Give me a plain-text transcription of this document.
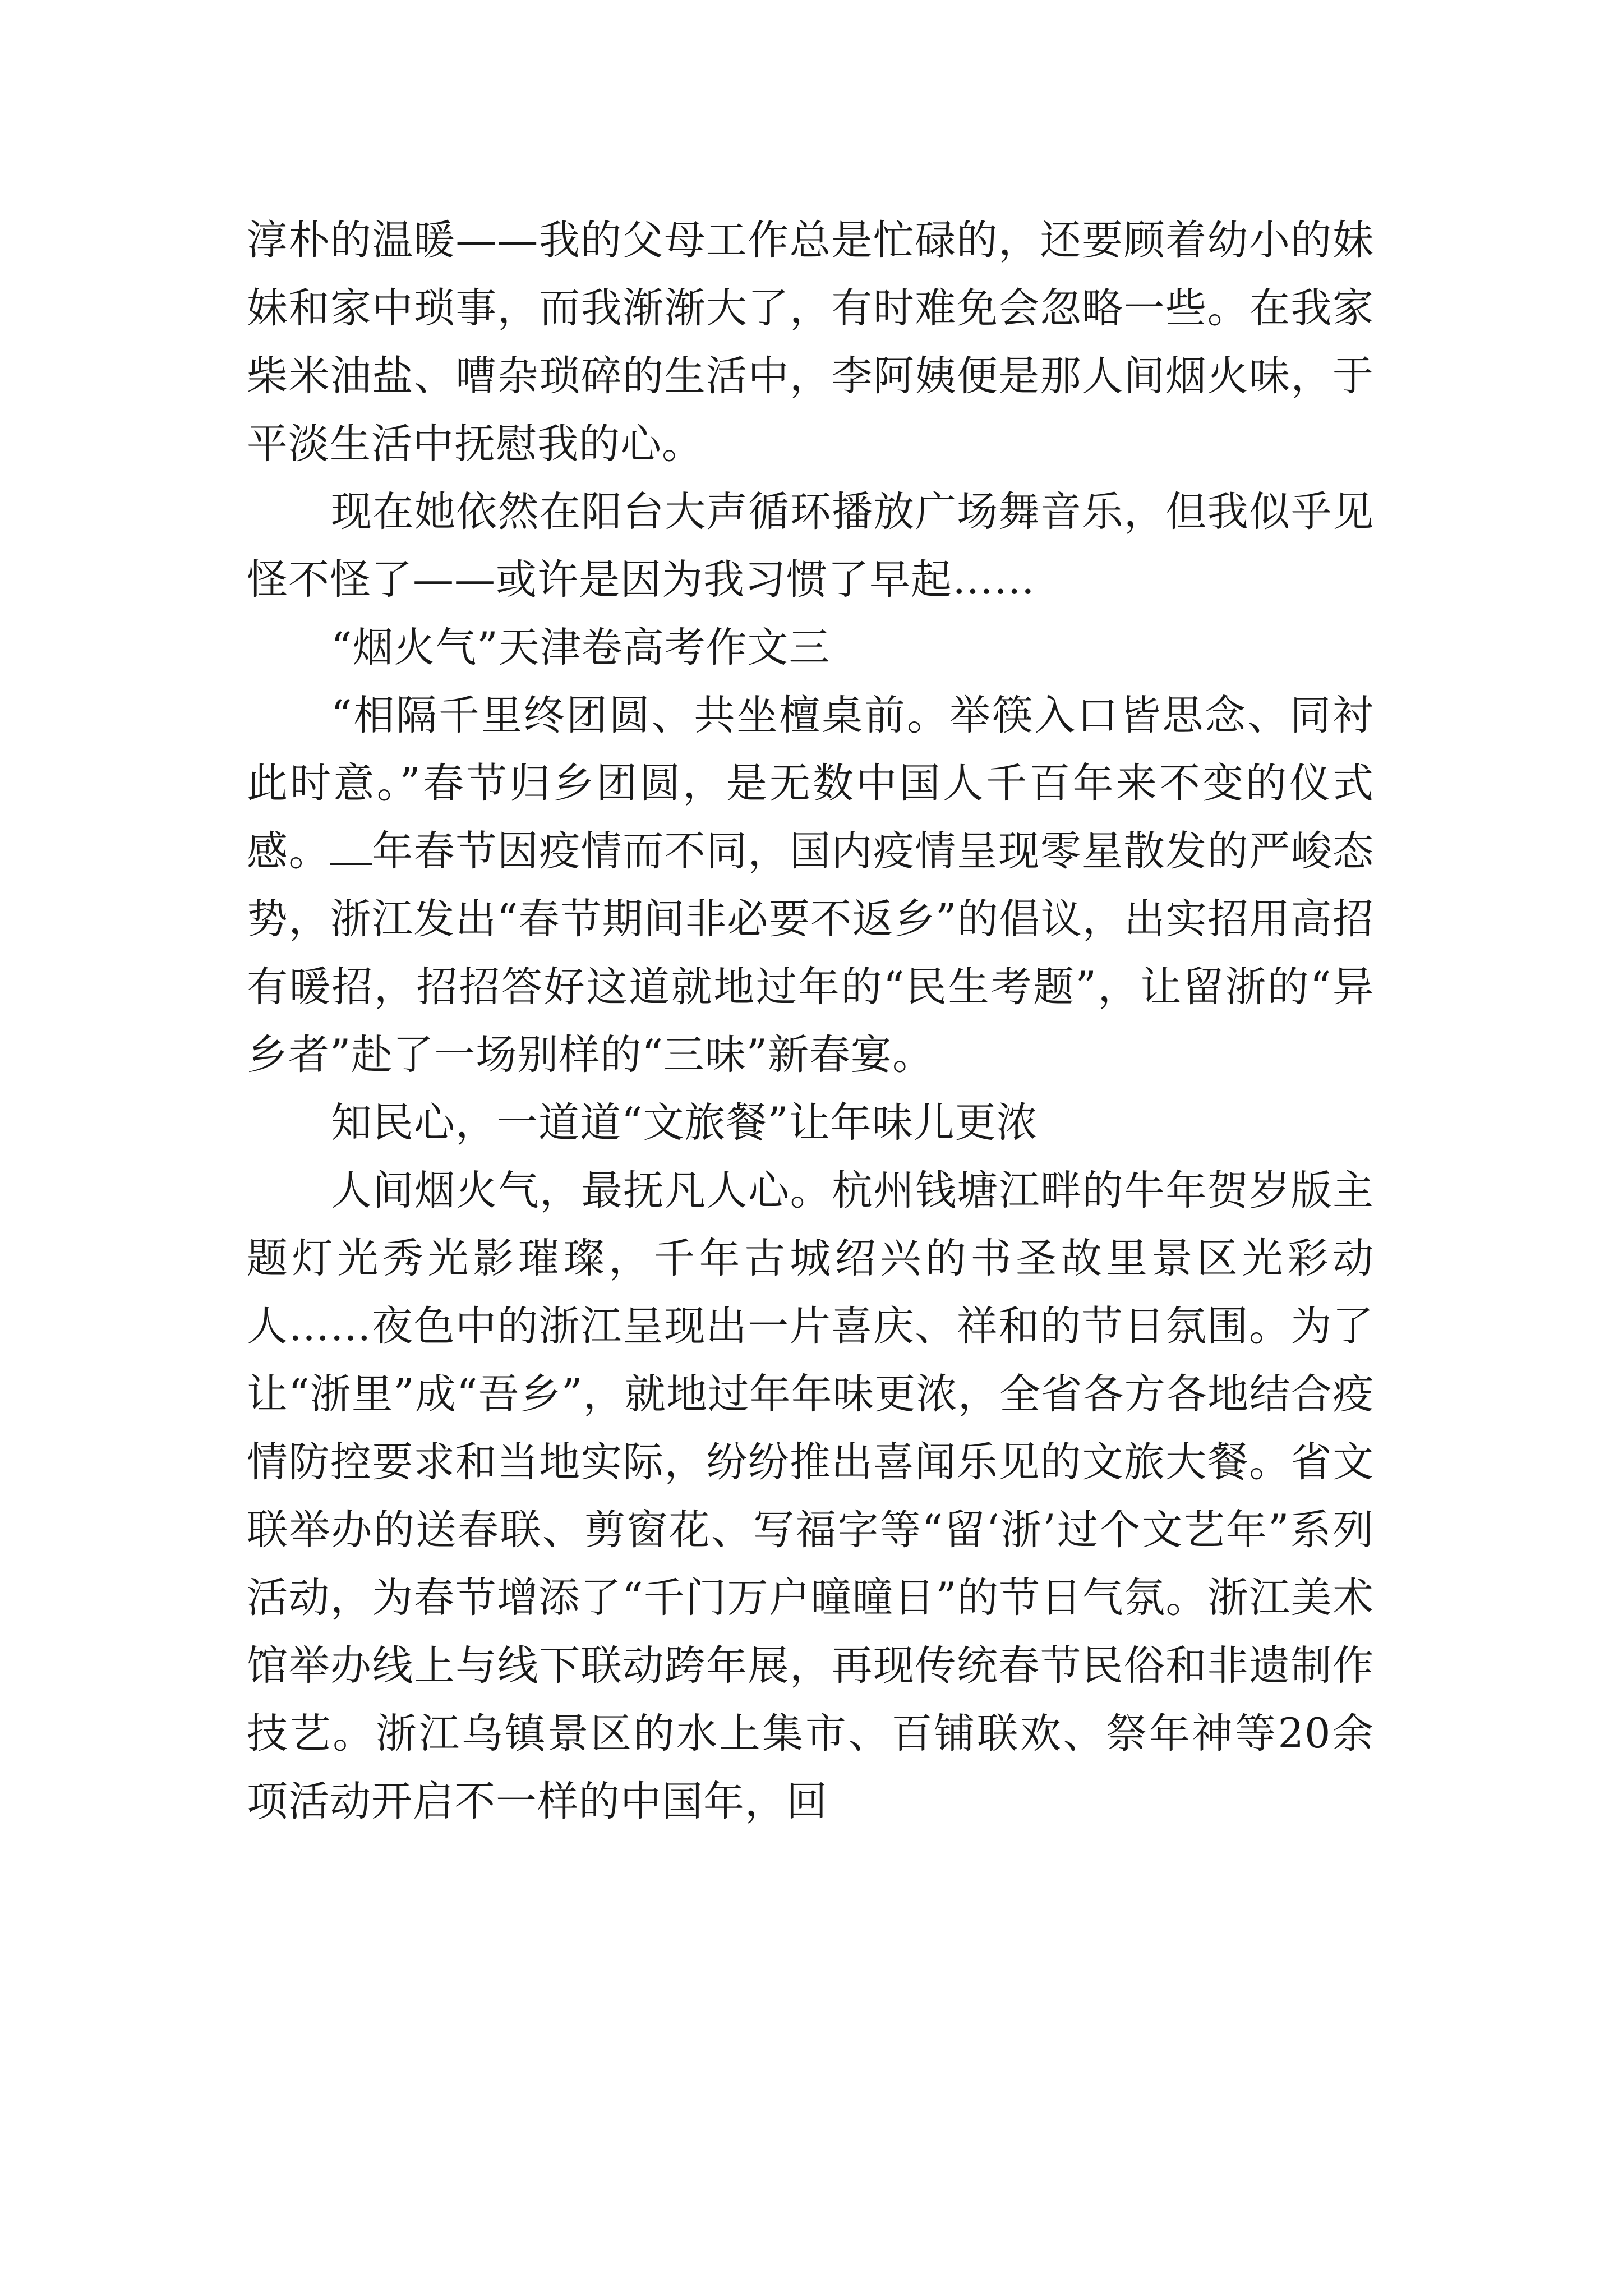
淳朴的温暖——我的父母工作总是忙碌的，还要顾着幼小的妹妹和家中琐事，而我渐渐大了，有时难免会忽略一些。在我家柴米油盐、嘈杂琐碎的生活中，李阿姨便是那人间烟火味，于平淡生活中抚慰我的心。

现在她依然在阳台大声循环播放广场舞音乐，但我似乎见怪不怪了——或许是因为我习惯了早起……

“烟火气”天津卷高考作文三

“相隔千里终团圆、共坐檀桌前。举筷入口皆思念、同衬此时意。”春节归乡团圆，是无数中国人千百年来不变的仪式感。 年春节因疫情而不同，国内疫情呈现零星散发的严峻态势，浙江发出“春节期间非必要不返乡”的倡议，出实招用高招有暖招，招招答好这道就地过年的“民生考题”，让留浙的“异乡者”赴了一场别样的“三味”新春宴。

知民心，一道道“文旅餐”让年味儿更浓

人间烟火气，最抚凡人心。杭州钱塘江畔的牛年贺岁版主题灯光秀光影璀璨，千年古城绍兴的书圣故里景区光彩动人……夜色中的浙江呈现出一片喜庆、祥和的节日氛围。为了让“浙里”成“吾乡”，就地过年年味更浓，全省各方各地结合疫情防控要求和当地实际，纷纷推出喜闻乐见的文旅大餐。省文联举办的送春联、剪窗花、写福字等“留‘浙’过个文艺年”系列活动，为春节增添了“千门万户曈曈日”的节日气氛。浙江美术馆举办线上与线下联动跨年展，再现传统春节民俗和非遗制作技艺。浙江乌镇景区的水上集市、百铺联欢、祭年神等20余项活动开启不一样的中国年，回
